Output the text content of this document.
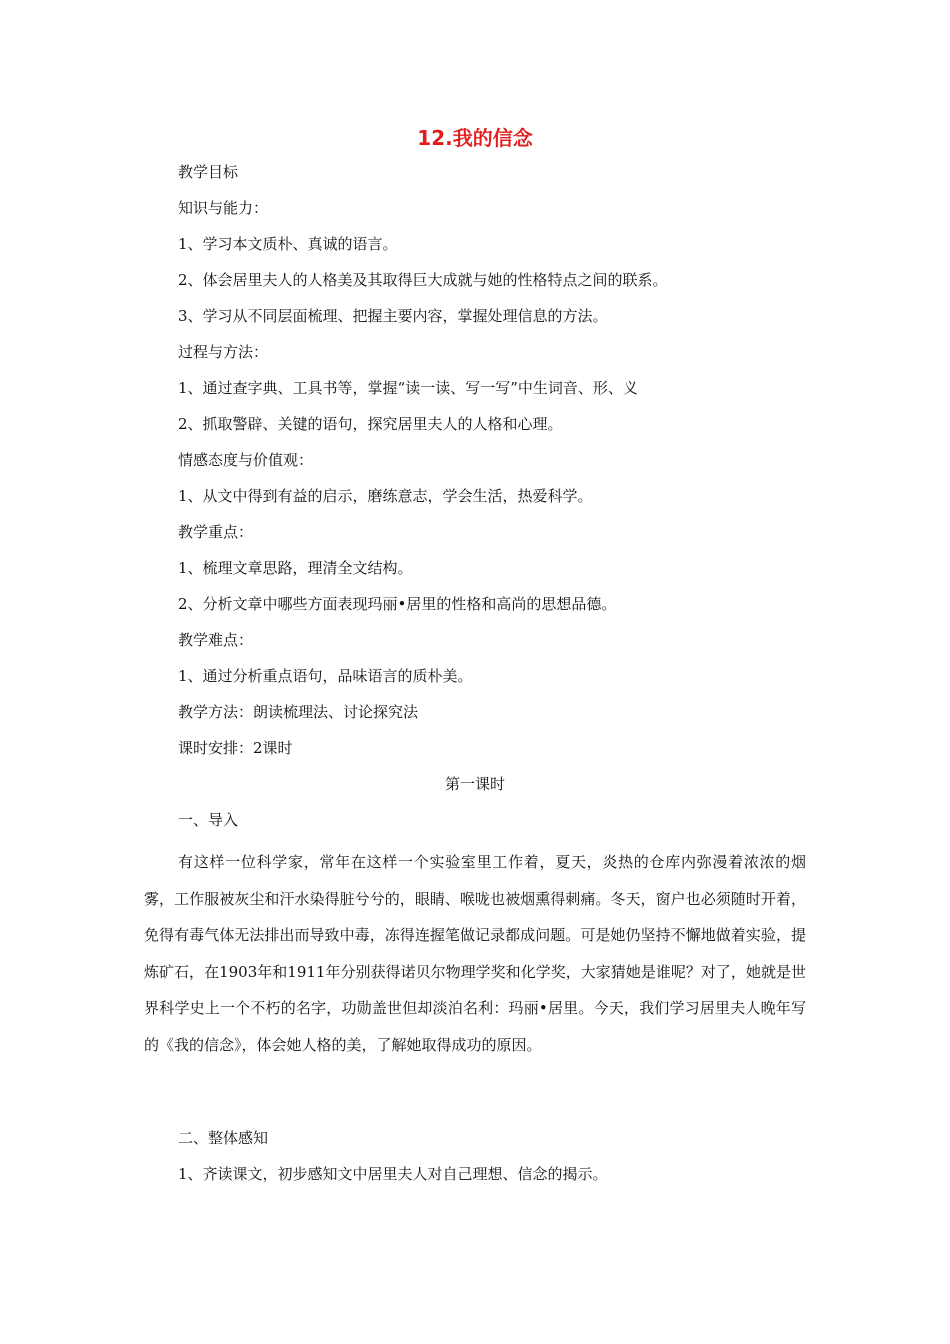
12.我的信念

教学目标

知识与能力：

1、学习本文质朴、真诚的语言。

2、体会居里夫人的人格美及其取得巨大成就与她的性格特点之间的联系。

3、学习从不同层面梳理、把握主要内容，掌握处理信息的方法。

过程与方法：

1、通过查字典、工具书等，掌握“读一读、写一写”中生词音、形、义

2、抓取警辟、关键的语句，探究居里夫人的人格和心理。

情感态度与价值观：

1、从文中得到有益的启示，磨练意志，学会生活，热爱科学。

教学重点：

1、梳理文章思路，理清全文结构。

2、分析文章中哪些方面表现玛丽•居里的性格和高尚的思想品德。

教学难点：

1、通过分析重点语句，品味语言的质朴美。

教学方法：朗读梳理法、讨论探究法

课时安排：2课时

第一课时

一、导入

有这样一位科学家，常年在这样一个实验室里工作着，夏天，炎热的仓库内弥漫着浓浓的烟雾，工作服被灰尘和汗水染得脏兮兮的，眼睛、喉咙也被烟熏得刺痛。冬天，窗户也必须随时开着，免得有毒气体无法排出而导致中毒，冻得连握笔做记录都成问题。可是她仍坚持不懈地做着实验，提炼矿石，在1903年和1911年分别获得诺贝尔物理学奖和化学奖，大家猜她是谁呢？对了，她就是世界科学史上一个不朽的名字，功勋盖世但却淡泊名利：玛丽•居里。今天，我们学习居里夫人晚年写的《我的信念》，体会她人格的美，了解她取得成功的原因。

二、整体感知

1、齐读课文，初步感知文中居里夫人对自己理想、信念的揭示。
